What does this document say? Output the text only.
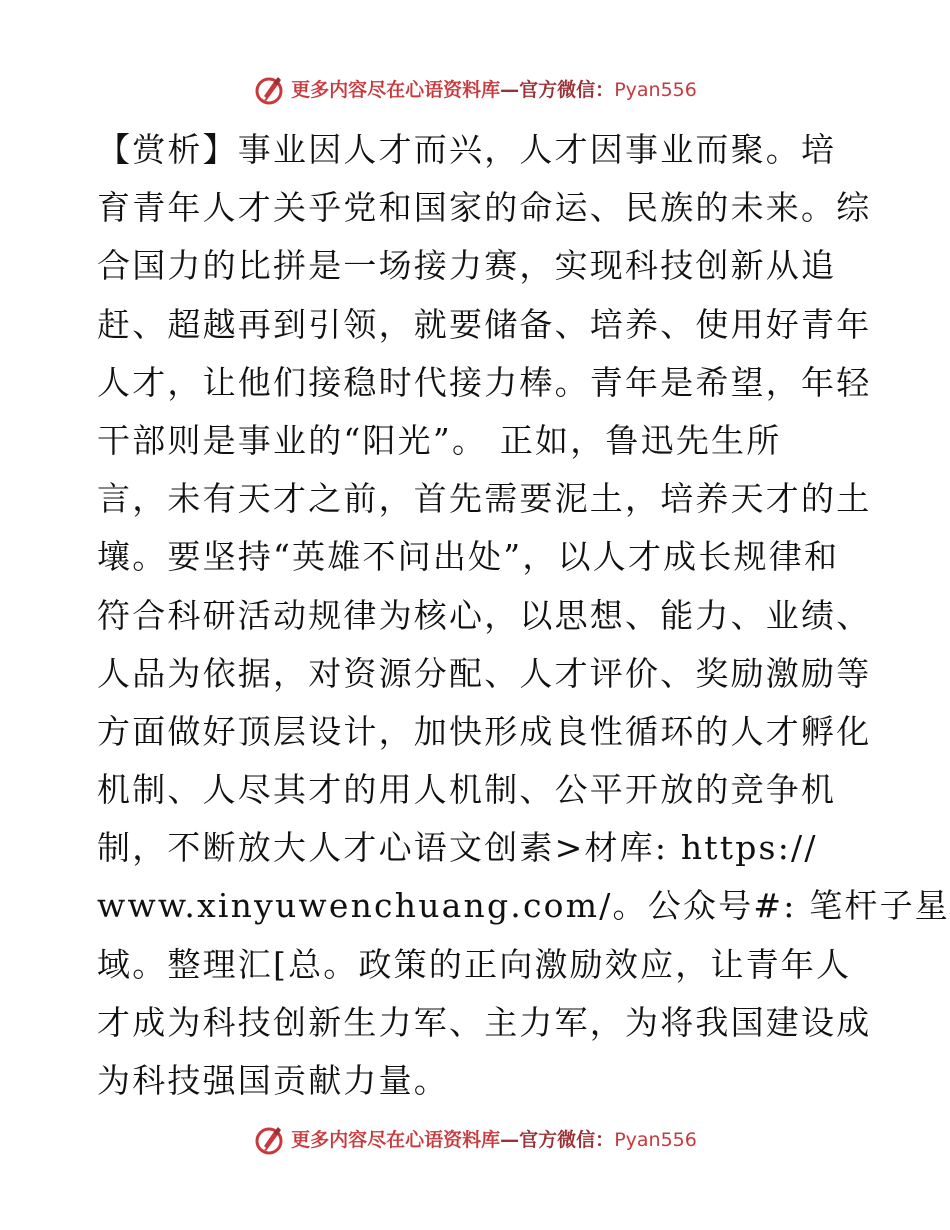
更多内容尽在心语资料库—官方微信：Pyan556
【赏析】事业因人才而兴，人才因事业而聚。培
育青年人才关乎党和国家的命运、民族的未来。综
合国力的比拼是一场接力赛，实现科技创新从追
赶、超越再到引领，就要储备、培养、使用好青年
人才，让他们接稳时代接力棒。青年是希望，年轻
干部则是事业的“阳光”。 正如，鲁迅先生所
言，未有天才之前，首先需要泥土，培养天才的土
壤。要坚持“英雄不问出处”，以人才成长规律和
符合科研活动规律为核心，以思想、能力、业绩、
人品为依据，对资源分配、人才评价、奖励激励等
方面做好顶层设计，加快形成良性循环的人才孵化
机制、人尽其才的用人机制、公平开放的竞争机
制，不断放大人才心语文创素>材库: https://
www.xinyuwenchuang.com/。公众号#: 笔杆子星
域。整理汇[总。政策的正向激励效应，让青年人
才成为科技创新生力军、主力军，为将我国建设成
为科技强国贡献力量。
更多内容尽在心语资料库—官方微信：Pyan556
